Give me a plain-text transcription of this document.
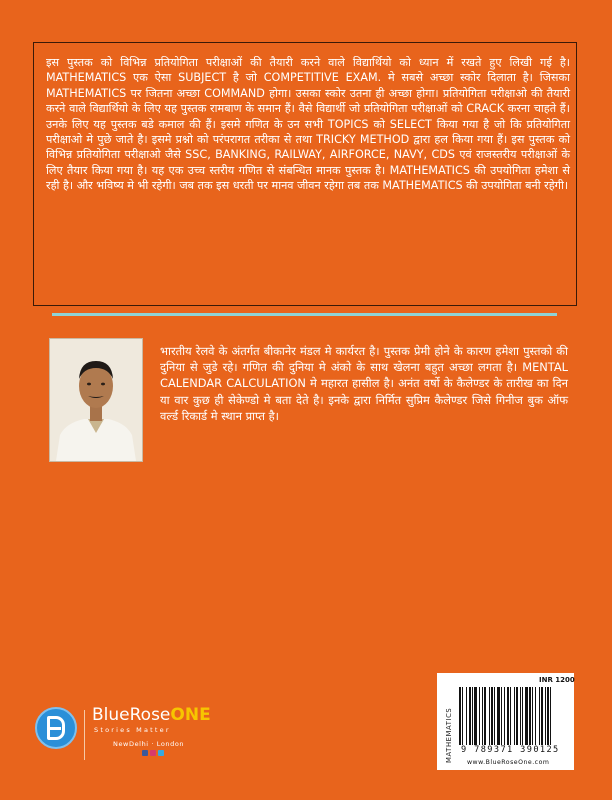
इस पुस्तक को विभिन्न प्रतियोगिता परीक्षाओं की तैयारी करने वाले विद्यार्थियो को ध्यान में रखते हुए लिखी गई है। MATHEMATICS एक ऐसा SUBJECT है जो COMPETITIVE EXAM. मे सबसे अच्छा स्कोर दिलाता है। जिसका MATHEMATICS पर जितना अच्छा COMMAND होगा। उसका स्कोर उतना ही अच्छा होगा। प्रतियोगिता परीक्षाओ की तैयारी करने वाले विद्यार्थियो के लिए यह पुस्तक रामबाण के समान हैं। वैसे विद्यार्थी जो प्रतियोगिता परीक्षाओं को CRACK करना चाहते हैं। उनके लिए यह पुस्तक बडे कमाल की हैं। इसमे गणित के उन सभी TOPICS को SELECT किया गया है जो कि प्रतियोगिता परीक्षाओ मे पुछे जाते है। इसमे प्रश्नो को परंपरागत तरीका से तथा TRICKY METHOD द्वारा हल किया गया हैं। इस पुस्तक को विभिन्न प्रतियोगिता परीक्षाओ जैसे SSC, BANKING, RAILWAY, AIRFORCE, NAVY, CDS एवं राजस्तरीय परीक्षाओं के लिए तैयार किया गया है। यह एक उच्च स्तरीय गणित से संबन्धित मानक पुस्तक है। MATHEMATICS की उपयोगिता हमेशा से रही है। और भविष्य मे भी रहेगी। जब तक इस धरती पर मानव जीवन रहेगा तब तक MATHEMATICS की उपयोगिता बनी रहेगी।

भारतीय रेलवे के अंतर्गत बीकानेर मंडल मे कार्यरत है। पुस्तक प्रेमी होने के कारण हमेशा पुस्तको की दुनिया से जुडे रहे। गणित की दुनिया मे अंको के साथ खेलना बहुत अच्छा लगता है। MENTAL CALENDAR CALCULATION मे महारत हासील है। अनंत वर्षो के कैलेण्डर के तारीख का दिन या वार कुछ ही सेकेण्डो मे बता देते है। इनके द्वारा निर्मित सुप्रिम कैलेण्डर जिसे गिनीज बुक ऑफ वर्ल्ड रिकार्ड मे स्थान प्राप्त है।

BlueRoseONE
Stories Matter
NewDelhi · London	MATHEMATICS
INR 1200
9 789371 390125
www.BlueRoseOne.com
